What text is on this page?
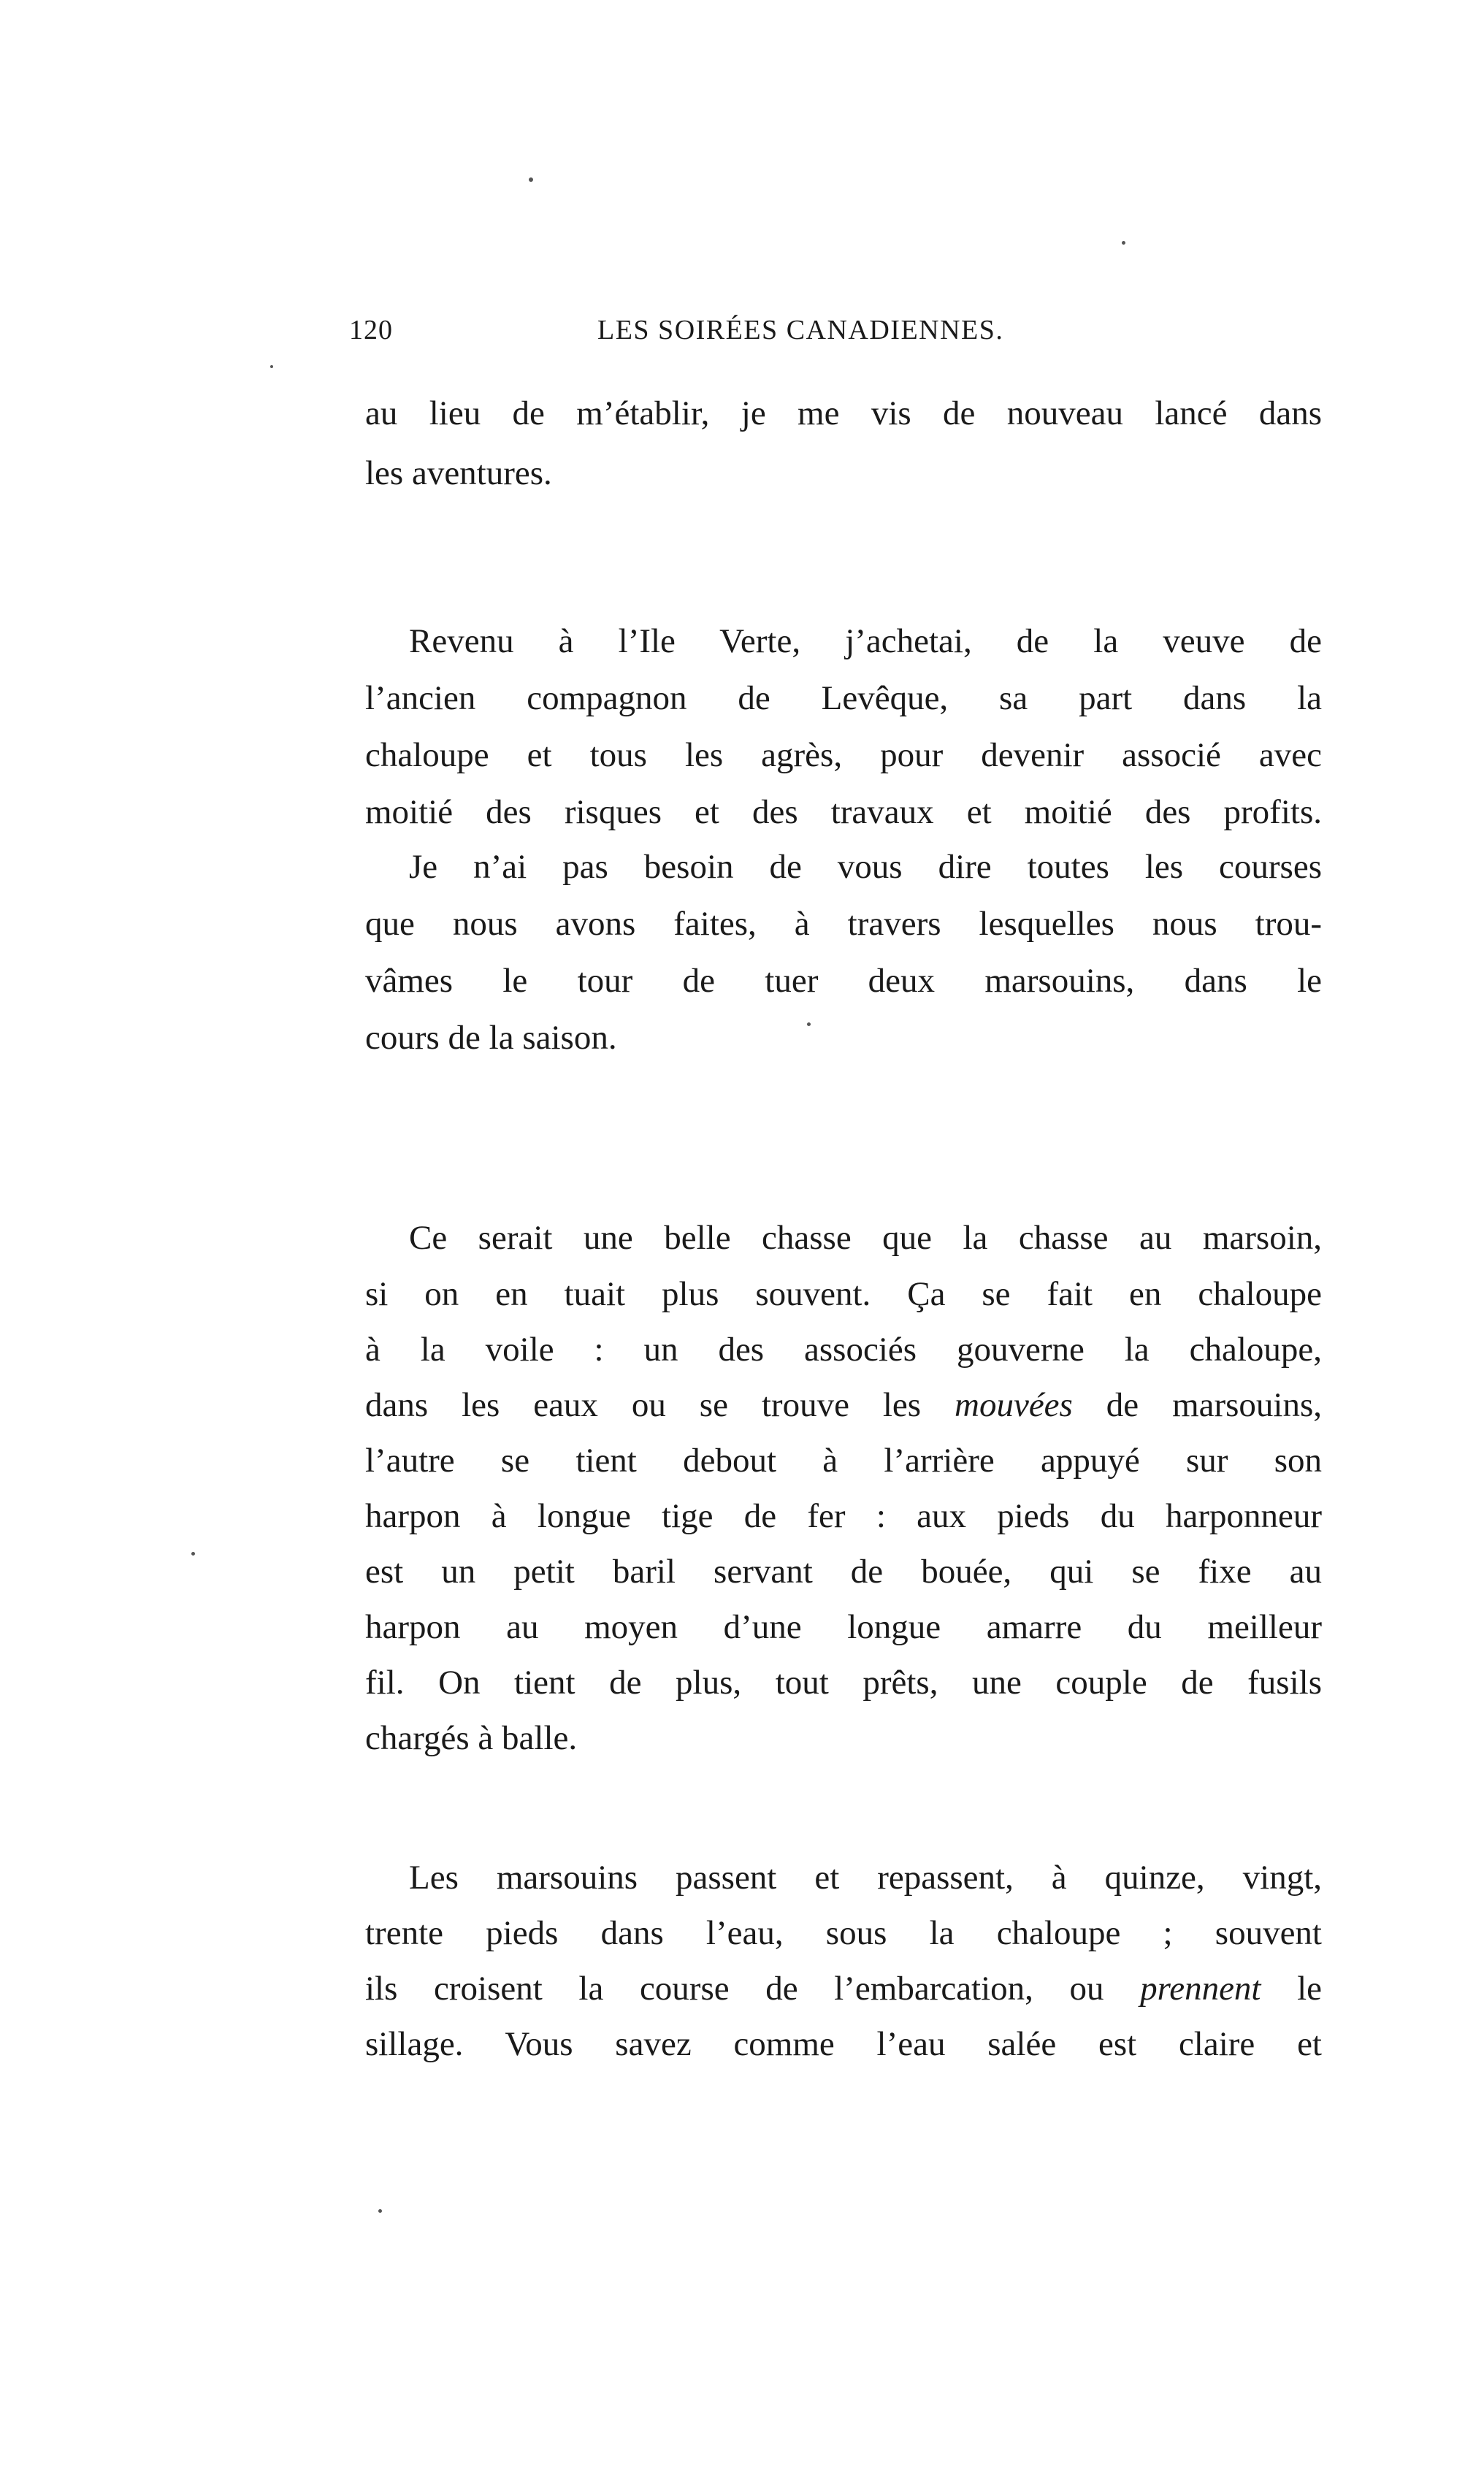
120	LES SOIRÉES CANADIENNES.
au lieu de m’établir, je me vis de nouveau lancé dans
les aventures.
Revenu à l’Ile Verte, j’achetai, de la veuve de
l’ancien compagnon de Levêque, sa part dans la
chaloupe et tous les agrès, pour devenir associé avec
moitié des risques et des travaux et moitié des profits.
Je n’ai pas besoin de vous dire toutes les courses
que nous avons faites, à travers lesquelles nous trou-
vâmes le tour de tuer deux marsouins, dans le
cours de la saison.
Ce serait une belle chasse que la chasse au marsoin,
si on en tuait plus souvent. Ça se fait en chaloupe
à la voile : un des associés gouverne la chaloupe,
dans les eaux ou se trouve les mouvées de marsouins,
l’autre se tient debout à l’arrière appuyé sur son
harpon à longue tige de fer : aux pieds du harponneur
est un petit baril servant de bouée, qui se fixe au
harpon au moyen d’une longue amarre du meilleur
fil. On tient de plus, tout prêts, une couple de fusils
chargés à balle.
Les marsouins passent et repassent, à quinze, vingt,
trente pieds dans l’eau, sous la chaloupe ; souvent
ils croisent la course de l’embarcation, ou prennent le
sillage. Vous savez comme l’eau salée est claire et
